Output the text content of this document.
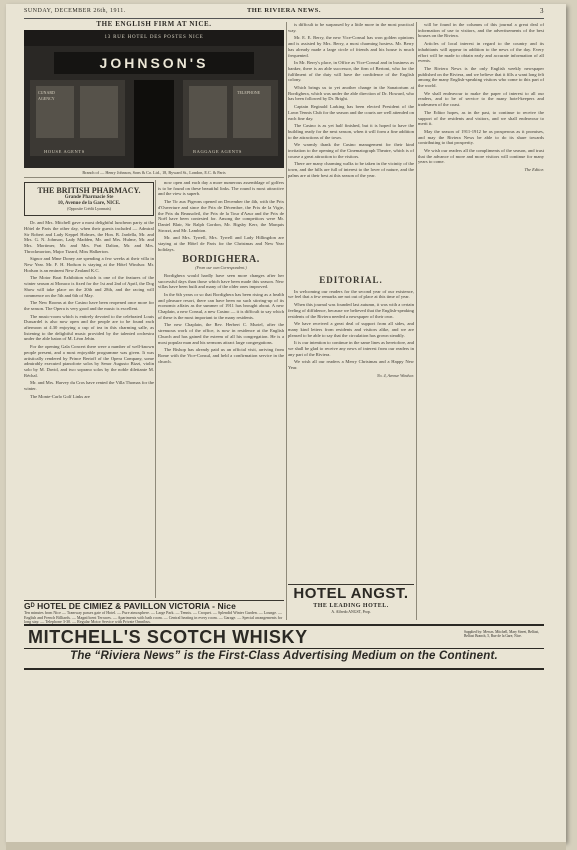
SUNDAY, DECEMBER 26th, 1911.	THE RIVIERA NEWS.	3
THE ENGLISH FIRM AT NICE.
13 RUE HOTEL DES POSTES NICE
JOHNSON'S
CUNARD
AGENCY
HOUSE AGENTS
TELEPHONE
BAGGAGE AGENTS
Branch of — Henry Johnson, Sons & Co. Ltd., 18, Byward St., London, E.C. & Paris
THE BRITISH PHARMACY.
Grande Pharmacie Ste
10, Avenue de la Gare, NICE.
(Opposite Crédit Lyonnais)

Dr. and Mrs. Mitchell gave a most delightful luncheon party at the Hôtel de Paris the other day, when their guests included — Admiral Sir Robert and Lady Keppel Holmes, the Hon. B. Jardella, Mr. and Mrs. G. N. Johnson, Lady Madden, Mr. and Mrs. Hulme, Mr. and Mrs. Mortimer, Mr. and Mrs. Prat Dalton, Mr. and Mrs. Throckmorton, Major Tizard, Miss Halkerton.

Signor and Mme Doney are spending a few weeks at their villa in New Year. Mr. F. H. Hodson is staying at the Hôtel Windsor. Mr. Hodson is an eminent New Zealand K.C.

The Motor Boat Exhibition which is one of the features of the winter season at Monaco is fixed for the 1st and 2nd of April, the Dog Show will take place on the 20th and 28th, and the racing will commence on the 5th and 6th of May.

The New Rooms at the Casino have been reopened once more for the season. The Opera is very good and the music is excellent.

The music-room which is entirely devoted to the celebrated Louis Dussardel is also now open and the people are to be found each afternoon at 4.30 enjoying a cup of tea in this charming salle, as listening to the delightful music provided by the talented orchestra under the able baton of M. Léon Jehin.

For the opening Gala Concert there were a number of well-known people present, and a most enjoyable programme was given. It was artistically rendered by Prince Bertoff of the Opera Company, some admirably executed pianoforte solos by Senor Augusto Bizzi, violin solo by M. David, and two soprano solos by the noble dilettante M. Réchal.

Mr. and Mrs. Harvey du Cros have rented the Villa Thomas for the winter.

The Monte-Carlo Golf Links are

now open and each day a more numerous assemblage of golfers is to be found on these beautiful links. The round is most attractive and the view is superb.

The Tir aux Pigeons opened on December the 4th, with the Prix d'Ouverture and since the Prix de Décembre, the Prix de la Vigie, the Prix du Beausoleil, the Prix de la Tour d'Azur and the Prix de Noël have been contested for. Among the competitors were Mr. Daniel Blair, Sir Ralph Gordon, Mr. Bigsby Kerr, the Marquis Strozzi, and Mr. Lambton.

Mr. and Mrs. Tyrrell, Mrs. Tyrrell and Lady Hillingdon are staying at the Hôtel de Paris for the Christmas and New Year holidays.

BORDIGHERA.
(From our own Correspondent.)

Bordighera would hardly have seen more changes after her successful days than those which have been made this season. New villas have been built and many of the older ones improved.

In the 6th years or so that Bordighera has been rising as a health and pleasure resort, there can have been no such stirring-up of its economic affairs as the summer of 1911 has brought about. A new Chaplain, a new Consul, a new Casino — it is difficult to say which of these is the most important to the many residents.

The new Chaplain, the Rev. Herbert C. Muriel, after the strenuous work of the office, is now in residence at the English Church and has gained the esteem of all his congregation. He is a most popular man and his sermons attract large congregations.

The Bishop has already paid us an official visit, arriving from Rome with the Vice-Consul, and held a confirmation service in the church.

is difficult to be surpassed by a little more in the most practical way.

Mr. E. E. Berry, the new Vice-Consul has won golden opinions and is assisted by Mrs. Berry, a most charming hostess. Mr. Berry has already made a large circle of friends and his house is much frequented.

In Mr. Berry's place, in Office as Vice-Consul and in business as banker, there is an able successor, the firm of Bertoni, who for the fulfilment of the duty will have the confidence of the English colony.

Which brings us to yet another change in the Sanatorium at Bordighera, which was under the able direction of Dr. Howard, who has been followed by Dr. Bright.

Captain Reginald Larking has been elected President of the Lawn Tennis Club for the season and the courts are well attended on each fine day.

The Casino is as yet half finished, but it is hoped to have the building ready for the next season, when it will form a fine addition to the attractions of the town.

We warmly thank the Casino management for their kind invitation to the opening of the Cinematograph Theatre, which is of course a great attraction to the visitors.

There are many charming walks to be taken in the vicinity of the town, and the hills are full of interest to the lover of nature, and the palms are at their best at this season of the year.

EDITORIAL.

In welcoming our readers for the second year of our existence, we feel that a few remarks are not out of place at this time of year.

When this journal was founded last autumn, it was with a certain feeling of diffidence, because we believed that the English-speaking residents of the Riviera needed a newspaper of their own.

We have received a great deal of support from all sides, and many kind letters from residents and visitors alike, and we are pleased to be able to say that the circulation has grown steadily.

It is our intention to continue in the same lines as heretofore, and we shall be glad to receive any news of interest from our readers in any part of the Riviera.

We wish all our readers a Merry Christmas and a Happy New Year.

No. 4, Avenue Windsor.

will be found in the columns of this journal a great deal of information of use to visitors, and the advertisements of the best houses on the Riviera.

Articles of local interest in regard to the country and its inhabitants will appear in addition to the news of the day. Every effort will be made to obtain early and accurate information of all events.

The Riviera News is the only English weekly newspaper published on the Riviera, and we believe that it fills a want long felt among the many English-speaking visitors who come to this part of the world.

We shall endeavour to make the paper of interest to all our readers, and to be of service to the many hotel-keepers and tradesmen of the coast.

The Editor hopes, as in the past, to continue to receive the support of the residents and visitors, and we shall endeavour to merit it.

May the season of 1911-1912 be as prosperous as it promises, and may the Riviera News be able to do its share towards contributing to that prosperity.

We wish our readers all the compliments of the season, and trust that the advance of more and more visitors will continue for many years to come.

The Editor.
Gᴰ HOTEL DE CIMIEZ & PAVILLON VICTORIA - Nice
Ten minutes from Nice — Tramway passes gate of Hotel. — Pure atmosphere. — Large Park. — Tennis. — Croquet. — Splendid Winter Garden. — Lounge. — English and French Billiards. — Magnificent Terraces. — Apartments with bath room. — Central heating in every room. — Garage. — Special arrangements for long stay. — Telephone 3-30. — Regular Motor Service with Private Omnibus.
HOTEL ANGST.
THE LEADING HOTEL.
A. Alfredo ANGST, Prop.
MITCHELL'S SCOTCH WHISKY	Supplied by: Messrs. Mitchell, Mary Street, Belfast, Belfast Branch, 5, Rue de la Gare, Nice.
The “Riviera News” is the First-Class Advertising Medium on the Continent.
